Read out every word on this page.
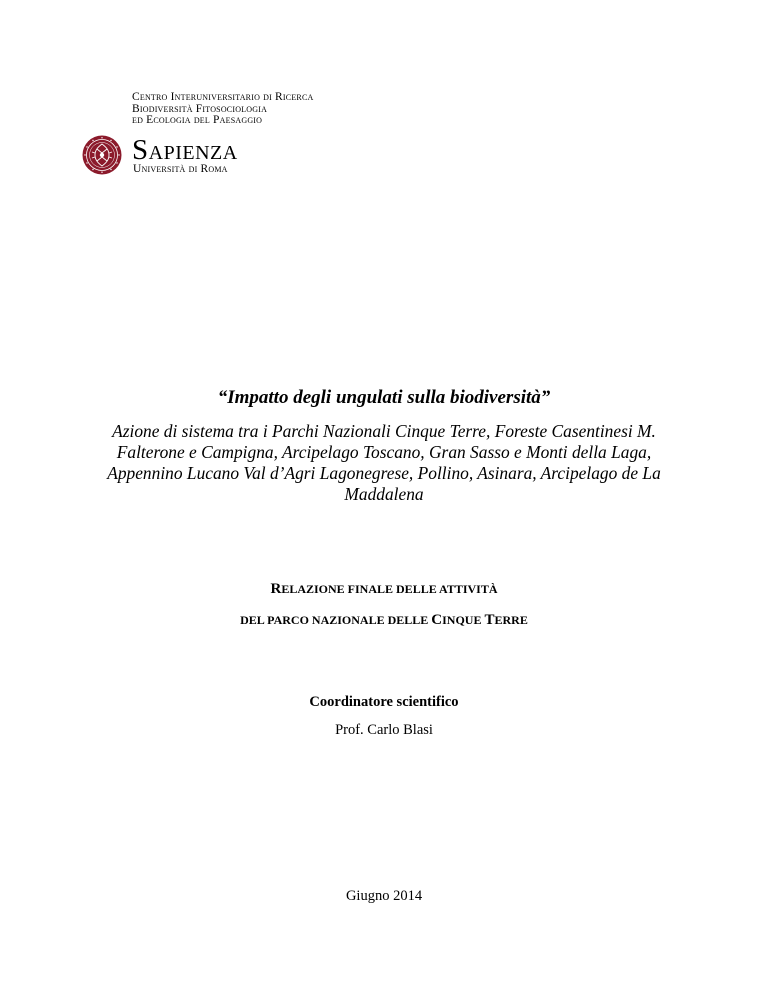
Centro Interuniversitario di Ricerca
Biodiversità Fitosociologia
ed Ecologia del Paesaggio
Sapienza
Università di Roma
“Impatto degli ungulati sulla biodiversità”
Azione di sistema tra i Parchi Nazionali Cinque Terre, Foreste Casentinesi M. Falterone e Campigna, Arcipelago Toscano, Gran Sasso e Monti della Laga, Appennino Lucano Val d’Agri Lagonegrese, Pollino, Asinara, Arcipelago de La Maddalena
RELAZIONE FINALE DELLE ATTIVITÀ
DEL PARCO NAZIONALE DELLE CINQUE TERRE
Coordinatore scientifico
Prof. Carlo Blasi
Giugno 2014
